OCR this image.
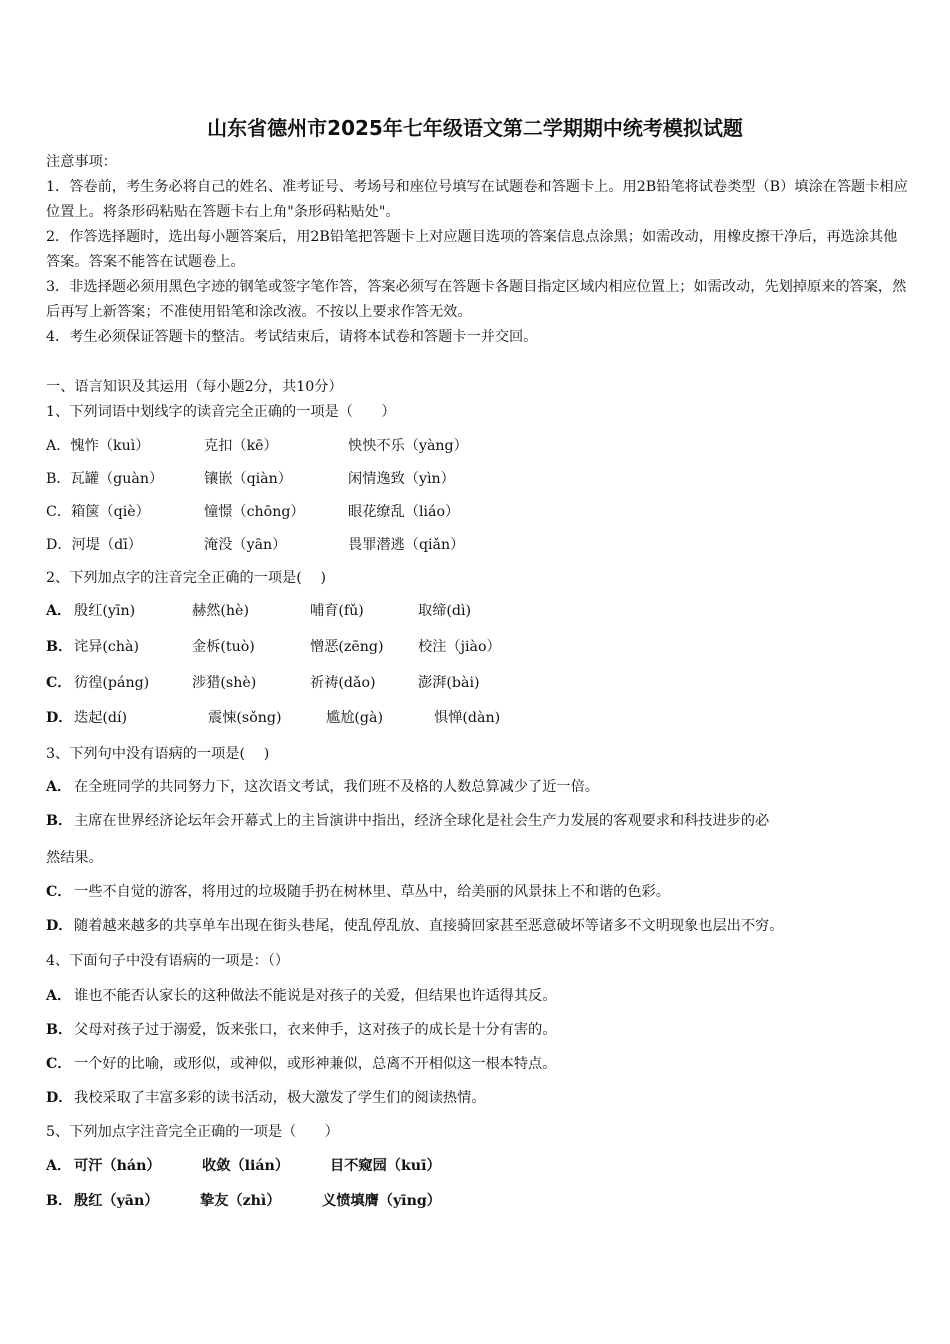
山东省德州市2025年七年级语文第二学期期中统考模拟试题

注意事项：

1．答卷前，考生务必将自己的姓名、准考证号、考场号和座位号填写在试题卷和答题卡上。用2B铅笔将试卷类型（B）填涂在答题卡相应位置上。将条形码粘贴在答题卡右上角"条形码粘贴处"。

2．作答选择题时，选出每小题答案后，用2B铅笔把答题卡上对应题目选项的答案信息点涂黑；如需改动，用橡皮擦干净后，再选涂其他答案。答案不能答在试题卷上。

3．非选择题必须用黑色字迹的钢笔或签字笔作答，答案必须写在答题卡各题目指定区域内相应位置上；如需改动，先划掉原来的答案，然后再写上新答案；不准使用铅笔和涂改液。不按以上要求作答无效。

4．考生必须保证答题卡的整洁。考试结束后，请将本试卷和答题卡一并交回。

一、语言知识及其运用（每小题2分，共10分）
1、下列词语中划线字的读音完全正确的一项是（　　）
A．愧怍（kuì）	克扣（kē）	怏怏不乐（yàng）
B．瓦罐（guàn）	镶嵌（qiàn）	闲情逸致（yìn）
C．箱箧（qiè）	憧憬（chōng）	眼花缭乱（liáo）
D．河堤（dī）	淹没（yān）	畏罪潜逃（qiǎn）
2、下列加点字的注音完全正确的一项是(　 )
A． 殷红(yīn)	赫然(hè)	哺育(fǔ)	取缔(dì)
B． 诧异(chà)	金柝(tuò)	憎恶(zēng) 校注（jiào）
C． 彷徨(páng)	涉猎(shè)	祈祷(dǎo)	澎湃(bài)
D． 迭起(dí)	震悚(sǒng)	尴尬(gà)	惧惮(dàn)
3、下列句中没有语病的一项是(　 )
A． 在全班同学的共同努力下，这次语文考试，我们班不及格的人数总算减少了近一倍。
B． 主席在世界经济论坛年会开幕式上的主旨演讲中指出，经济全球化是社会生产力发展的客观要求和科技进步的必
然结果。
C． 一些不自觉的游客，将用过的垃圾随手扔在树林里、草丛中，给美丽的风景抹上不和谐的色彩。
D． 随着越来越多的共享单车出现在街头巷尾，使乱停乱放、直接骑回家甚至恶意破坏等诸多不文明现象也层出不穷。
4、下面句子中没有语病的一项是：（）
A． 谁也不能否认家长的这种做法不能说是对孩子的关爱，但结果也许适得其反。
B． 父母对孩子过于溺爱，饭来张口，衣来伸手，这对孩子的成长是十分有害的。
C． 一个好的比喻，或形似，或神似，或形神兼似，总离不开相似这一根本特点。
D． 我校采取了丰富多彩的读书活动，极大激发了学生们的阅读热情。
5、下列加点字注音完全正确的一项是（　　）
A． 可汗（hán）	收敛（lián）	目不窥园（kuī）
B． 殷红（yān）	挚友（zhì）	义愤填膺（yīng）
